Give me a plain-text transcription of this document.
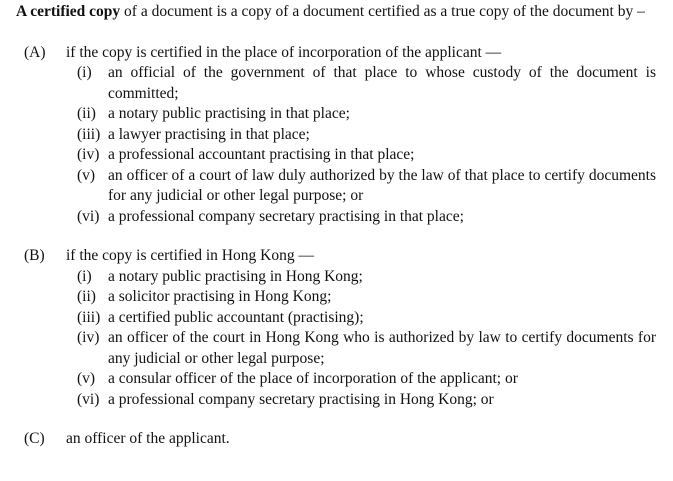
A certified copy of a document is a copy of a document certified as a true copy of the document by –

(A)	if the copy is certified in the place of incorporation of the applicant —
(i)	an official of the government of that place to whose custody of the document is committed;
(ii) a notary public practising in that place;
(iii) a lawyer practising in that place;
(iv) a professional accountant practising in that place;
(v) an officer of a court of law duly authorized by the law of that place to certify documents for any judicial or other legal purpose; or
(vi) a professional company secretary practising in that place;
(B)	if the copy is certified in Hong Kong —
(i)	a notary public practising in Hong Kong;
(ii) a solicitor practising in Hong Kong;
(iii) a certified public accountant (practising);
(iv) an officer of the court in Hong Kong who is authorized by law to certify documents for any judicial or other legal purpose;
(v) a consular officer of the place of incorporation of the applicant; or
(vi) a professional company secretary practising in Hong Kong; or
(C)	an officer of the applicant.
